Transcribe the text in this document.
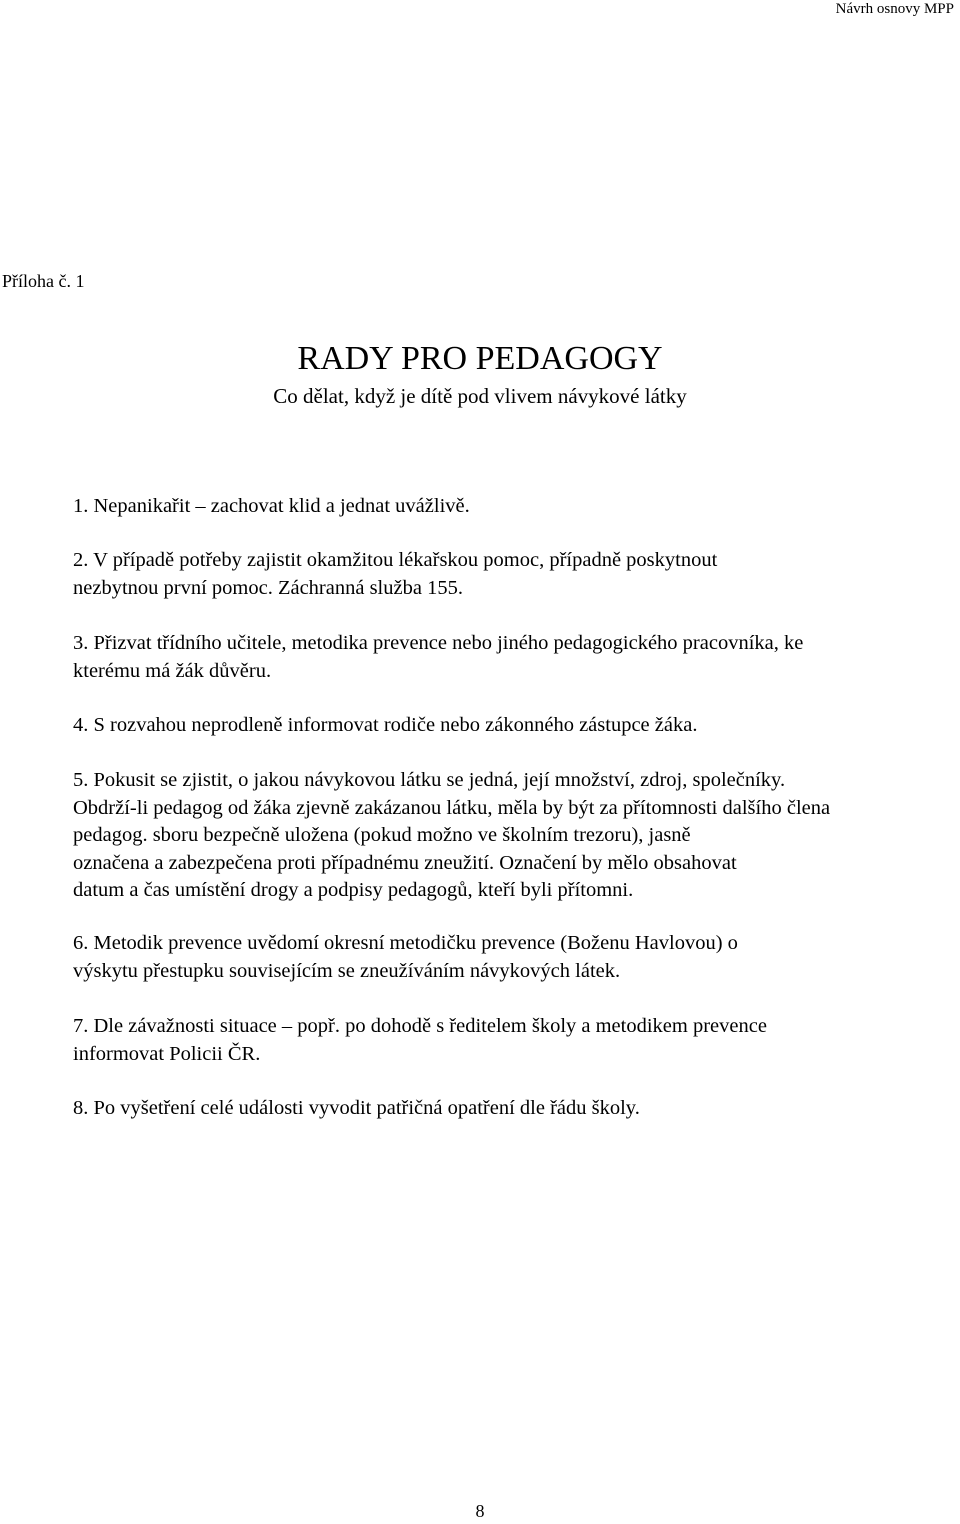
Návrh osnovy MPP
Příloha č. 1
RADY PRO PEDAGOGY
Co dělat, když je dítě pod vlivem návykové látky
1. Nepanikařit – zachovat klid a jednat uvážlivě.
2. V případě potřeby zajistit okamžitou lékařskou pomoc, případně poskytnout
nezbytnou první pomoc. Záchranná služba 155.
3. Přizvat třídního učitele, metodika prevence nebo jiného pedagogického pracovníka, ke
kterému má žák důvěru.
4. S rozvahou neprodleně informovat rodiče nebo zákonného zástupce žáka.
5. Pokusit se zjistit, o jakou návykovou látku se jedná, její množství, zdroj, společníky.
Obdrží-li pedagog od žáka zjevně zakázanou látku, měla by být za přítomnosti dalšího člena
pedagog. sboru bezpečně uložena (pokud možno ve školním trezoru), jasně
označena a zabezpečena proti případnému zneužití. Označení by mělo obsahovat
datum a čas umístění drogy a podpisy pedagogů, kteří byli přítomni.
6. Metodik prevence uvědomí okresní metodičku prevence (Boženu Havlovou) o
výskytu přestupku souvisejícím se zneužíváním návykových látek.
7. Dle závažnosti situace – popř. po dohodě s ředitelem školy a metodikem prevence
informovat Policii ČR.
8. Po vyšetření celé události vyvodit patřičná opatření dle řádu školy.
8
